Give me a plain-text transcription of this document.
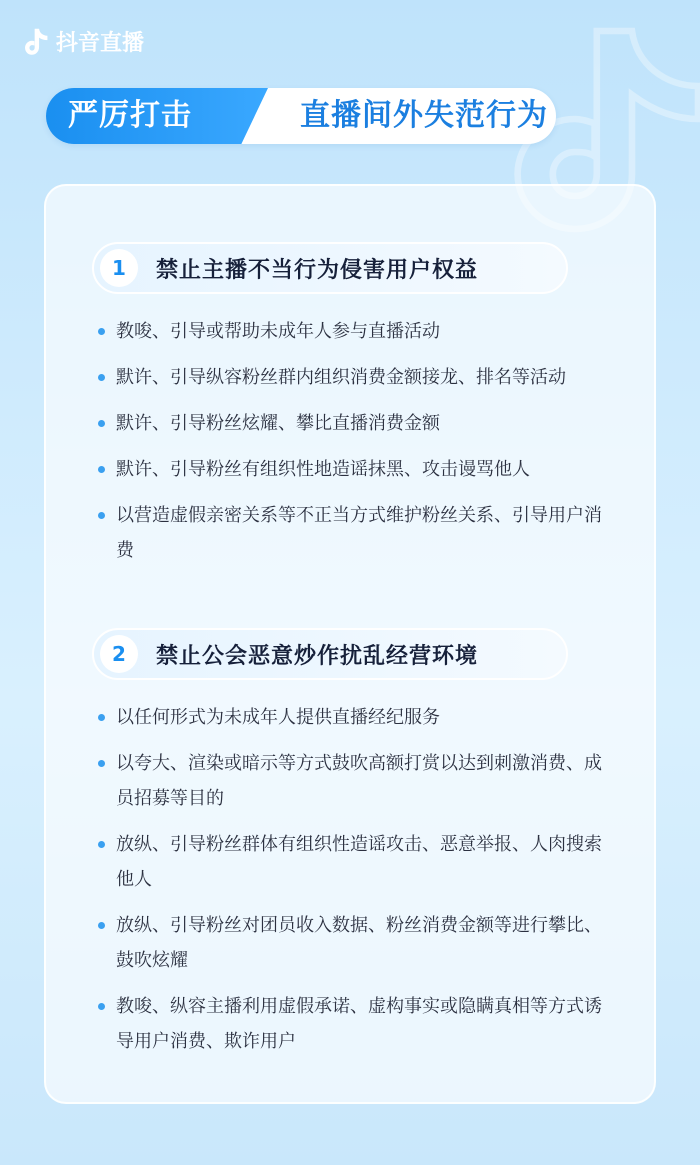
抖音直播
严厉打击	直播间外失范行为
1	禁止主播不当行为侵害用户权益
教唆、引导或帮助未成年人参与直播活动
默许、引导纵容粉丝群内组织消费金额接龙、排名等活动
默许、引导粉丝炫耀、攀比直播消费金额
默许、引导粉丝有组织性地造谣抹黑、攻击谩骂他人
以营造虚假亲密关系等不正当方式维护粉丝关系、引导用户消费
2	禁止公会恶意炒作扰乱经营环境
以任何形式为未成年人提供直播经纪服务
以夸大、渲染或暗示等方式鼓吹高额打赏以达到刺激消费、成员招募等目的
放纵、引导粉丝群体有组织性造谣攻击、恶意举报、人肉搜索他人
放纵、引导粉丝对团员收入数据、粉丝消费金额等进行攀比、鼓吹炫耀
教唆、纵容主播利用虚假承诺、虚构事实或隐瞒真相等方式诱导用户消费、欺诈用户
